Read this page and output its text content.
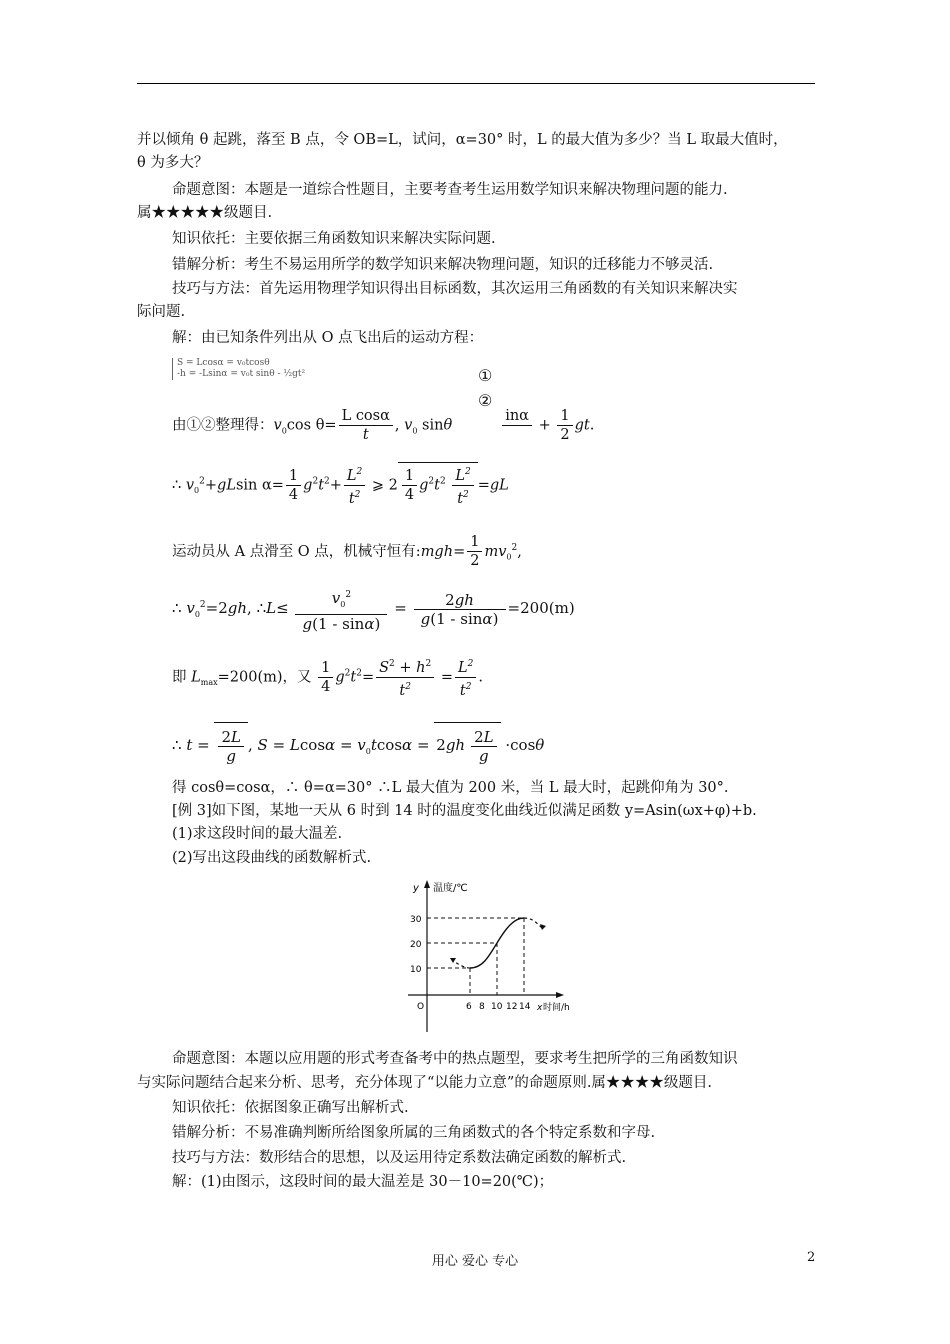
并以倾角 θ 起跳，落至 B 点，令 OB=L，试问，α=30° 时，L 的最大值为多少？当 L 取最大值时，
θ 为多大？
命题意图：本题是一道综合性题目，主要考查考生运用数学知识来解决物理问题的能力.
属★★★★★级题目.
知识依托：主要依据三角函数知识来解决实际问题.
错解分析：考生不易运用所学的数学知识来解决物理问题，知识的迁移能力不够灵活.
技巧与方法：首先运用物理学知识得出目标函数，其次运用三角函数的有关知识来解决实
际问题.
解：由已知条件列出从 O 点飞出后的运动方程：
S = Lcosα = v₀tcosθ
-h = -Lsinα = v₀t sinθ - ½gt²	①
②
由①②整理得：$v_0\cos$ $\theta= \frac{\text{L cosα}}{t}$ , $v_0$ sinθ
inα

+ $\frac{1}{2}$ gt.
∴ $v_0^2+gLsin$ $\alpha= \frac{1}{4} g^2t^2+ \frac{L^2}{t^2}$ ⩾ $2 \frac{1}{4} g^2t^2 \frac{L^2}{t^2} =gL$
运动员从 A 点滑至 O 点，机械守恒有:mgh= $\frac{1}{2} mv_0^2$,
∴ $v_0^2=2gh$, ∴L≤ $\frac{v_0^2}{g(1 - \sin\alpha)} = \frac{2gh}{g(1 - \sin\alpha)} =200(m)$
即 $L_{max}=200(m)$，又 $\frac{1}{4} g^2t^2= \frac{S^2 + h^2}{t^2} = \frac{L^2}{t^2}$ .
∴ $t = \frac{2L}{g}$ , $S = Lcos\alpha = v_0tcos\alpha = 2gh \frac{2L}{g} \cdot\cos\theta$
得 cosθ=cosα，∴ θ=α=30° ∴L 最大值为 200 米，当 L 最大时，起跳仰角为 30°.
[例 3]如下图，某地一天从 6 时到 14 时的温度变化曲线近似满足函数 y=Asin(ωx+φ)+b.
(1)求这段时间的最大温差.
(2)写出这段曲线的函数解析式.
y 温度/℃
O	x 时间/h
10
20
30
6 8 10 12 14
命题意图：本题以应用题的形式考查备考中的热点题型，要求考生把所学的三角函数知识
与实际问题结合起来分析、思考，充分体现了“以能力立意”的命题原则.属★★★★级题目.
知识依托：依据图象正确写出解析式.
错解分析：不易准确判断所给图象所属的三角函数式的各个特定系数和字母.
技巧与方法：数形结合的思想，以及运用待定系数法确定函数的解析式.
解：(1)由图示，这段时间的最大温差是 30－10=20(℃)；
用心 爱心 专心	2
